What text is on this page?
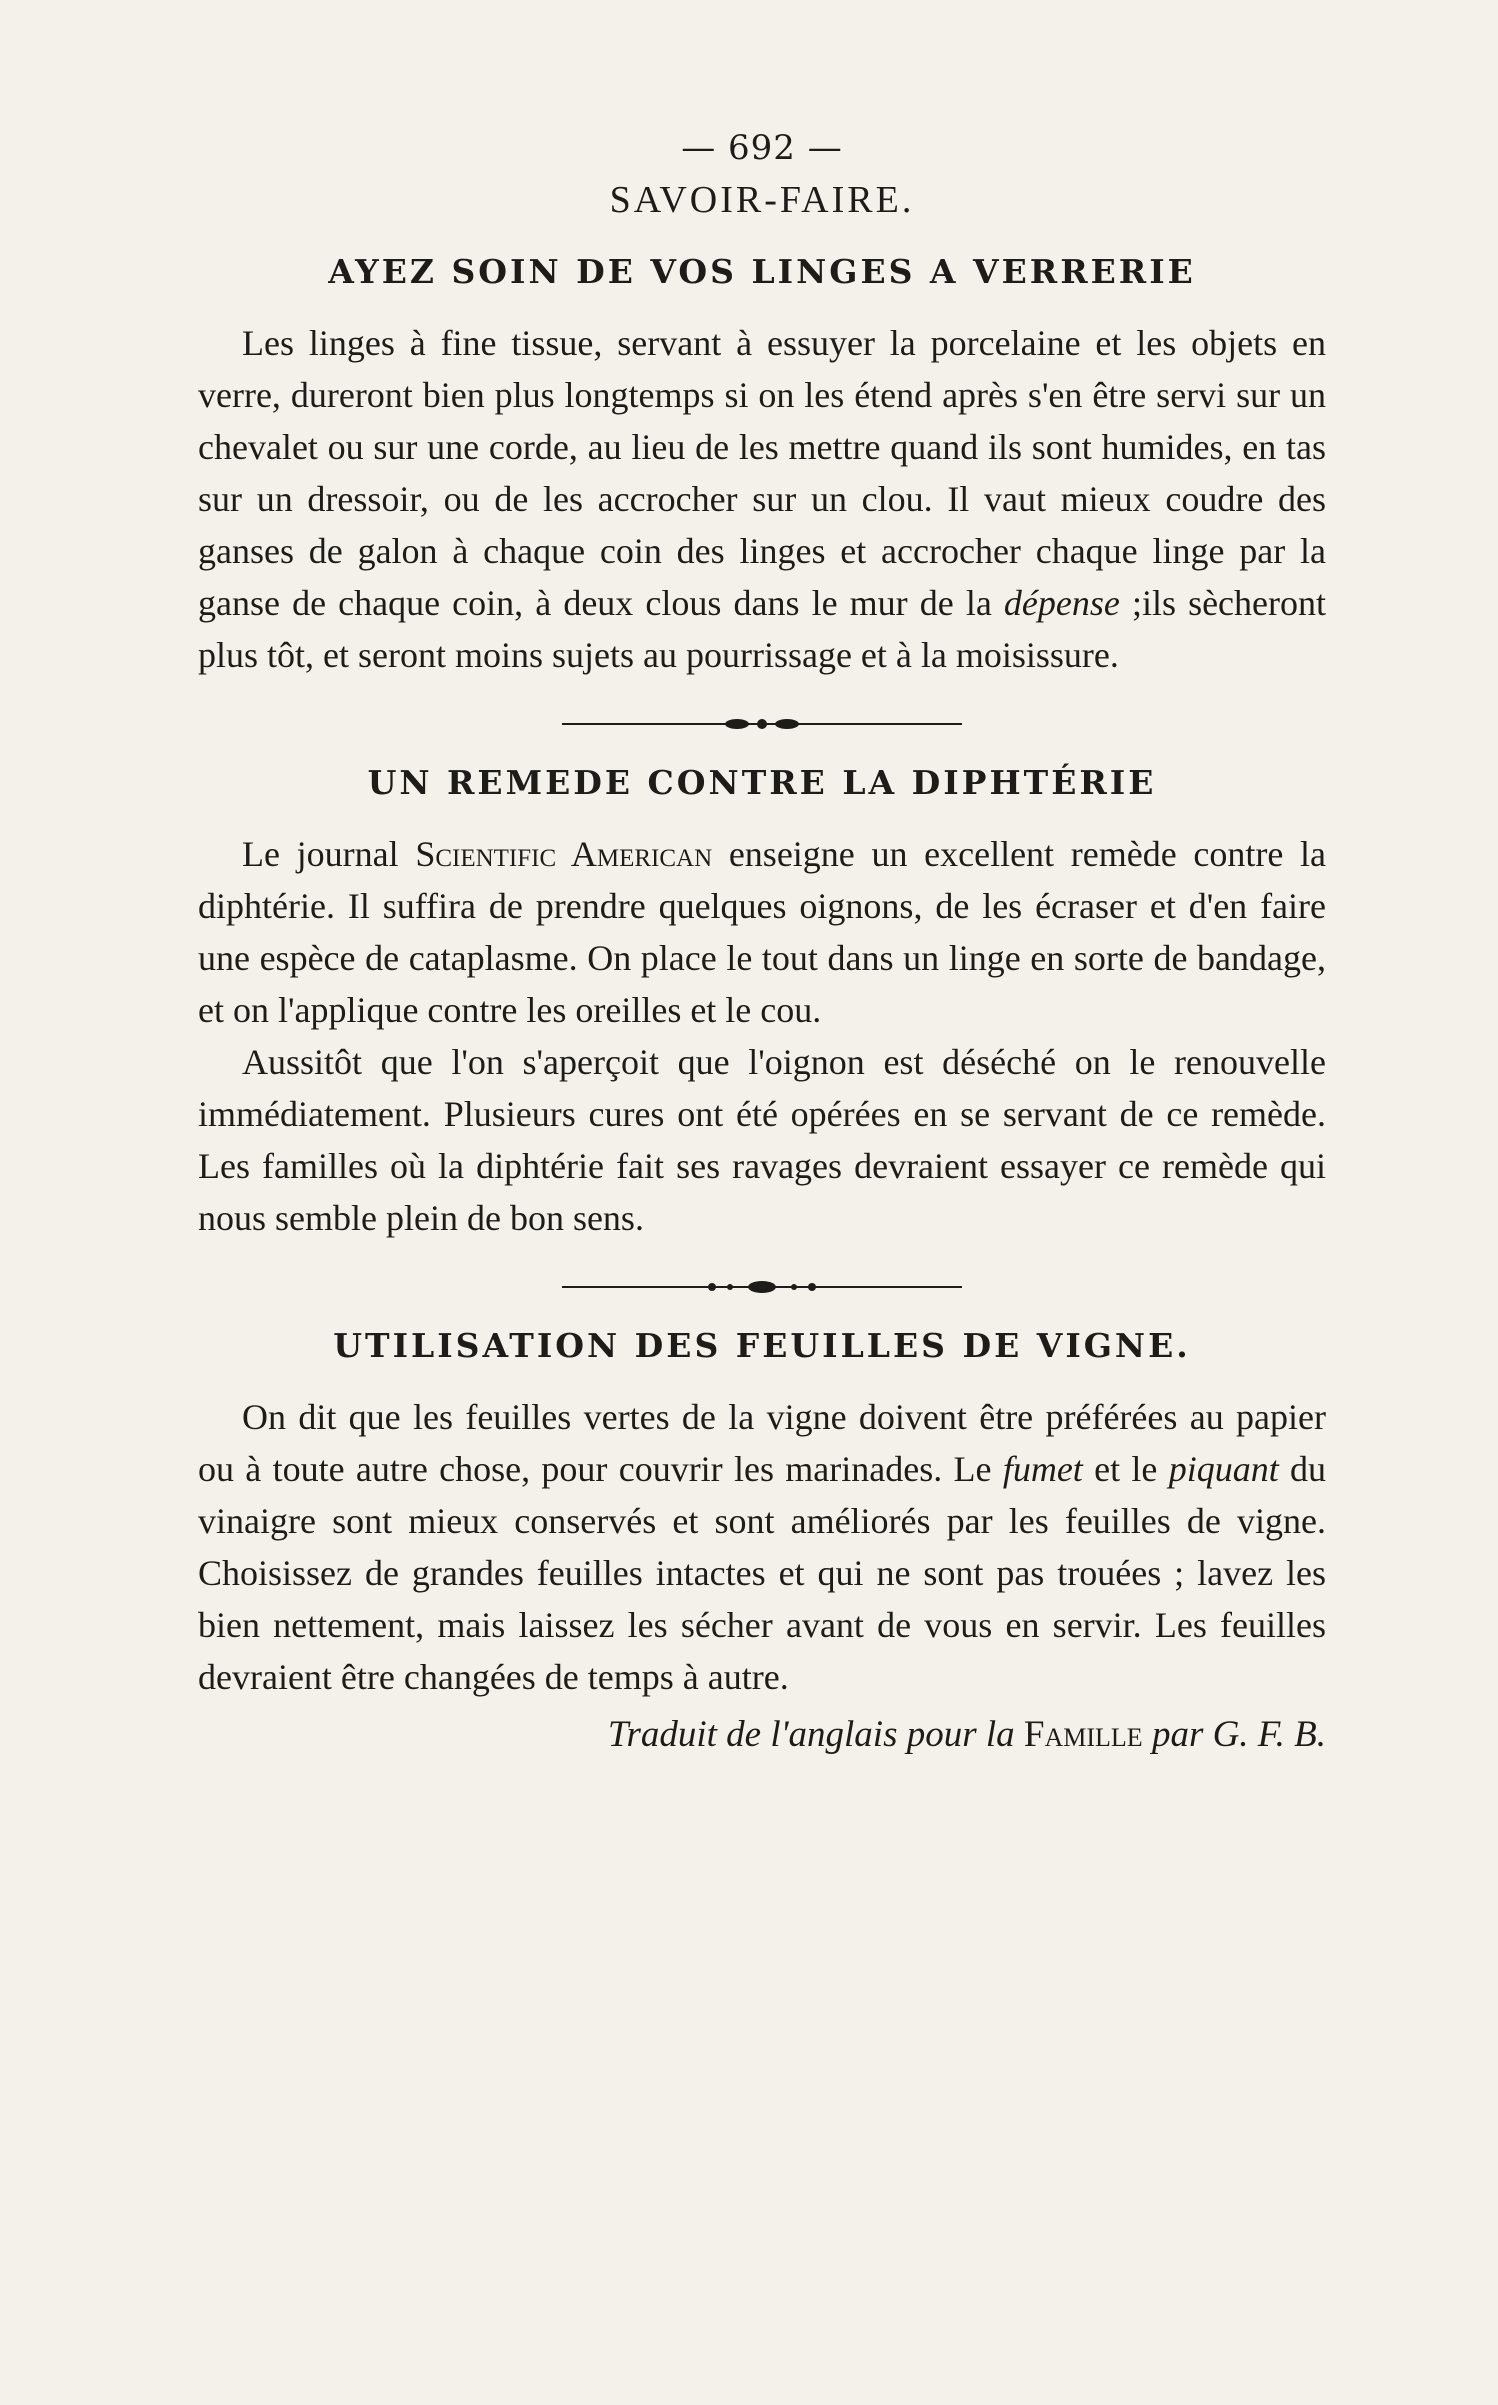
— 692 —
SAVOIR-FAIRE.
AYEZ SOIN DE VOS LINGES A VERRERIE

Les linges à fine tissue, servant à essuyer la porcelaine et les objets en verre, dureront bien plus longtemps si on les étend après s'en être servi sur un chevalet ou sur une corde, au lieu de les mettre quand ils sont humides, en tas sur un dressoir, ou de les accrocher sur un clou. Il vaut mieux coudre des ganses de galon à chaque coin des linges et accrocher chaque linge par la ganse de chaque coin, à deux clous dans le mur de la dépense ;ils sècheront plus tôt, et seront moins sujets au pourrissage et à la moisissure.

UN REMEDE CONTRE LA DIPHTÉRIE

Le journal Scientific American enseigne un excellent remède contre la diphtérie. Il suffira de prendre quelques oignons, de les écraser et d'en faire une espèce de cataplasme. On place le tout dans un linge en sorte de bandage, et on l'applique contre les oreilles et le cou.

Aussitôt que l'on s'aperçoit que l'oignon est déséché on le renouvelle immédiatement. Plusieurs cures ont été opérées en se servant de ce remède. Les familles où la diphtérie fait ses ravages devraient essayer ce remède qui nous semble plein de bon sens.

UTILISATION DES FEUILLES DE VIGNE.

On dit que les feuilles vertes de la vigne doivent être préférées au papier ou à toute autre chose, pour couvrir les marinades. Le fumet et le piquant du vinaigre sont mieux conservés et sont améliorés par les feuilles de vigne. Choisissez de grandes feuilles intactes et qui ne sont pas trouées ; lavez les bien nettement, mais laissez les sécher avant de vous en servir. Les feuilles devraient être changées de temps à autre.

Traduit de l'anglais pour la Famille par G. F. B.
